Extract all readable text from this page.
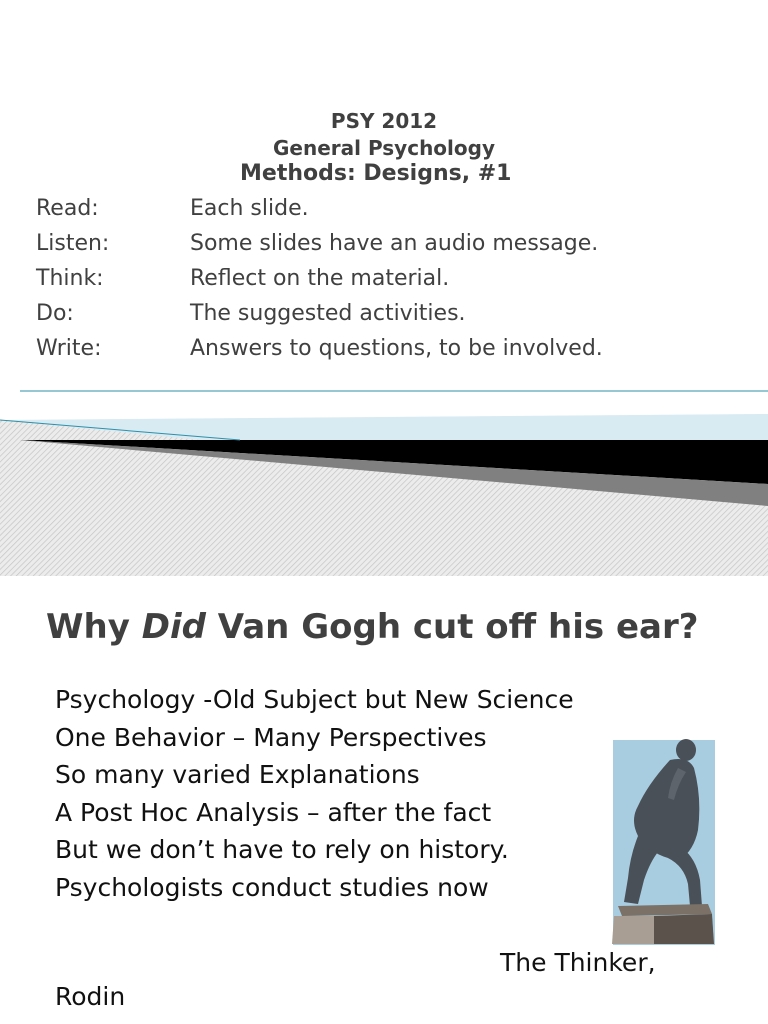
PSY 2012

General Psychology

Methods: Designs, #1

Read:	Each slide.
Listen:	Some slides have an audio message.
Think:	Reflect on the material.
Do:	The suggested activities.
Write:	Answers to questions, to be involved.
Why Did Van Gogh cut off his ear?
Psychology -Old Subject but New Science
One Behavior – Many Perspectives
So many varied Explanations
A Post Hoc Analysis – after the fact
But we don’t have to rely on history.
Psychologists conduct studies now
The Thinker,
Rodin
